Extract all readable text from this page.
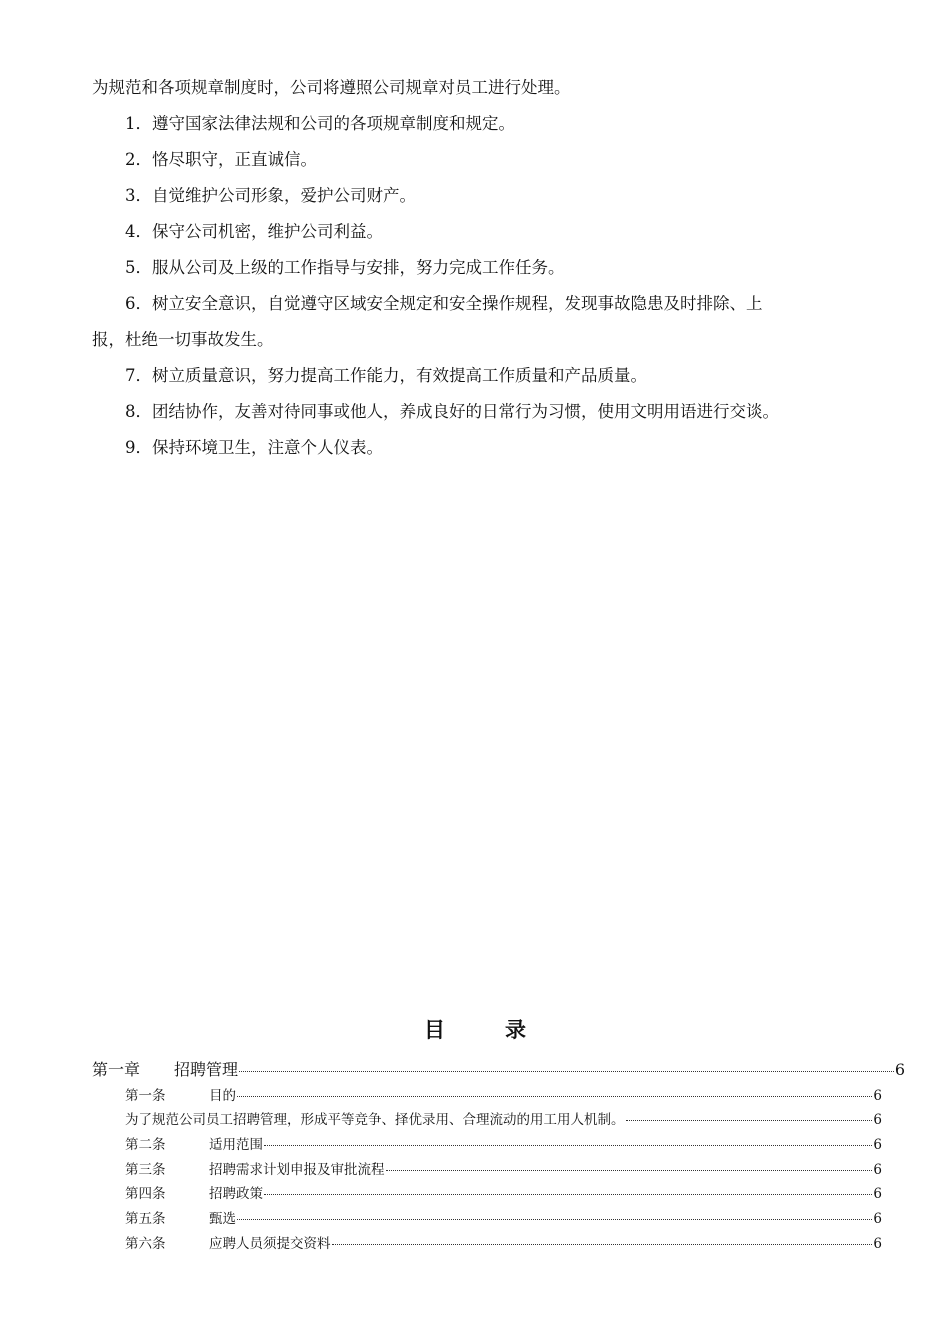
为规范和各项规章制度时，公司将遵照公司规章对员工进行处理。
1．遵守国家法律法规和公司的各项规章制度和规定。
2．恪尽职守，正直诚信。
3．自觉维护公司形象，爱护公司财产。
4．保守公司机密，维护公司利益。
5．服从公司及上级的工作指导与安排，努力完成工作任务。
6．树立安全意识，自觉遵守区域安全规定和安全操作规程，发现事故隐患及时排除、上
报，杜绝一切事故发生。
7．树立质量意识，努力提高工作能力，有效提高工作质量和产品质量。
8．团结协作，友善对待同事或他人，养成良好的日常行为习惯，使用文明用语进行交谈。
9．保持环境卫生，注意个人仪表。
目录
第一章	招聘管理	6
第一条	目的	6
为了规范公司员工招聘管理，形成平等竞争、择优录用、合理流动的用工用人机制。	6
第二条	适用范围	6
第三条	招聘需求计划申报及审批流程	6
第四条	招聘政策	6
第五条	甄选	6
第六条	应聘人员须提交资料	6
